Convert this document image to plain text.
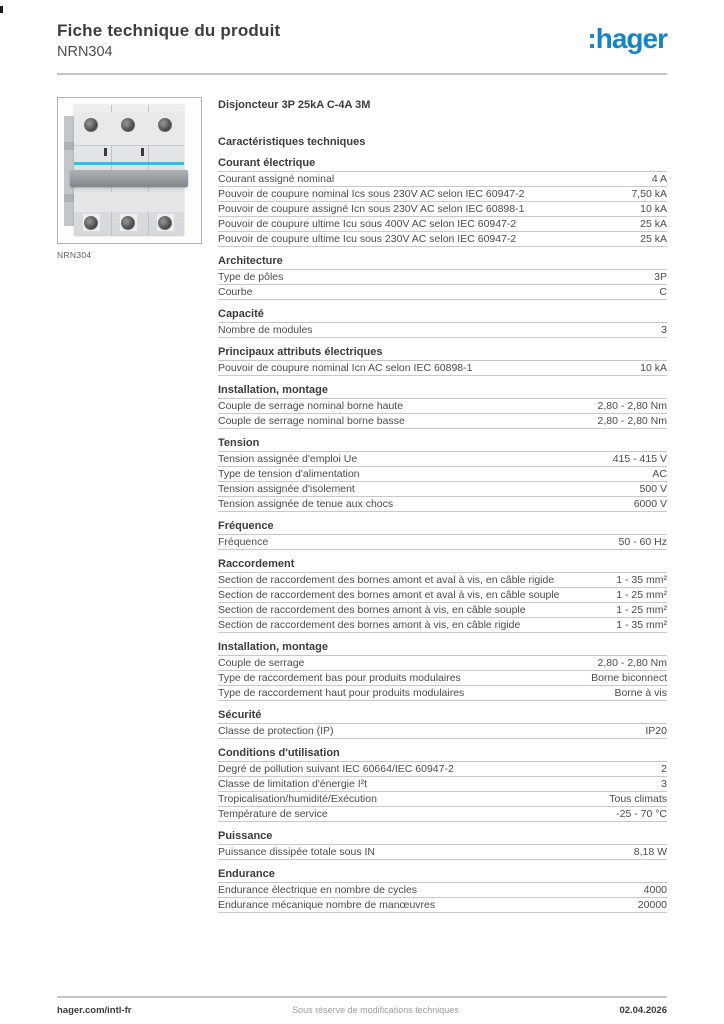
Fiche technique du produit
NRN304	:hager
NRN304
Disjoncteur 3P 25kA C-4A 3M
Caractéristiques techniques
Courant électrique
Courant assigné nominal	4 A
Pouvoir de coupure nominal Ics sous 230V AC selon IEC 60947-2	7,50 kA
Pouvoir de coupure assigné Icn sous 230V AC selon IEC 60898-1	10 kA
Pouvoir de coupure ultime Icu sous 400V AC selon IEC 60947-2	25 kA
Pouvoir de coupure ultime Icu sous 230V AC selon IEC 60947-2	25 kA
Architecture
Type de pôles	3P
Courbe	C
Capacité
Nombre de modules	3
Principaux attributs électriques
Pouvoir de coupure nominal Icn AC selon IEC 60898-1	10 kA
Installation, montage
Couple de serrage nominal borne haute	2,80 - 2,80 Nm
Couple de serrage nominal borne basse	2,80 - 2,80 Nm
Tension
Tension assignée d'emploi Ue	415 - 415 V
Type de tension d'alimentation	AC
Tension assignée d'isolement	500 V
Tension assignée de tenue aux chocs	6000 V
Fréquence
Fréquence	50 - 60 Hz
Raccordement
Section de raccordement des bornes amont et aval à vis, en câble rigide	1 - 35 mm²
Section de raccordement des bornes amont et aval à vis, en câble souple	1 - 25 mm²
Section de raccordement des bornes amont à vis, en câble souple	1 - 25 mm²
Section de raccordement des bornes amont à vis, en câble rigide	1 - 35 mm²
Installation, montage
Couple de serrage	2,80 - 2,80 Nm
Type de raccordement bas pour produits modulaires	Borne biconnect
Type de raccordement haut pour produits modulaires	Borne à vis
Sécurité
Classe de protection (IP)	IP20
Conditions d'utilisation
Degré de pollution suivant IEC 60664/IEC 60947-2	2
Classe de limitation d'énergie I²t	3
Tropicalisation/humidité/Exécution	Tous climats
Température de service	-25 - 70 °C
Puissance
Puissance dissipée totale sous IN	8,18 W
Endurance
Endurance électrique en nombre de cycles	4000
Endurance mécanique nombre de manœuvres	20000
hager.com/intl-fr	Sous réserve de modifications techniques	02.04.2026
